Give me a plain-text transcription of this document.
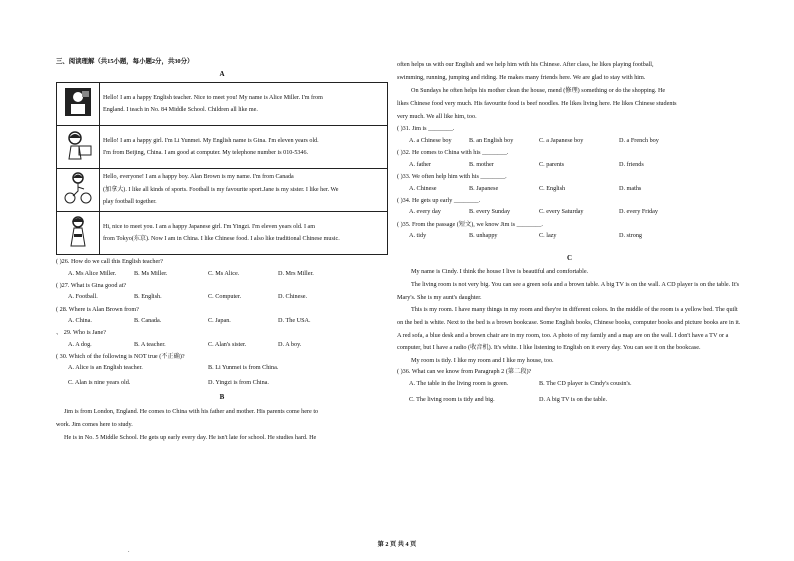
三、阅读理解（共15小题，每小题2分，共30分）
A

Hello! I am a happy English teacher. Nice to meet you! My name is Alice Miller. I'm from
England. I teach in No. 84 Middle School. Children all like me.

Hello! I am a happy girl. I'm Li Yunmei. My English name is Gina. I'm eleven years old.
I'm from Beijing, China. I am good at computer. My telephone number is 010-5346.

Hello, everyone! I am a happy boy. Alan Brown is my name. I'm from Canada
(加拿大). I like all kinds of sports. Football is my favourite sport.Jane is my sister. I like her. We
play football together.

Hi, nice to meet you. I am a happy Japanese girl. I'm Yingzi. I'm eleven years old. I am
from Tokyo(东京). Now I am in China. I like Chinese food. I also like traditional Chinese music.
( )26. How do we call this English teacher?
A. Ms Alice Miller.	B. Ms Miller.	C. Ms Alice.	D. Mrs Miller.
( )27. What is Gina good at?
A. Football.	B. English.	C. Computer.	D. Chinese.
( 28. Where is Alan Brown from?
A. China.	B. Canada.	C. Japan.	D. The USA.
、 29. Who is Jane?
A. A dog.	B. A teacher.	C. Alan's sister.	D. A boy.
( 30. Which of the following is NOT true (不正确)?
A. Alice is an English teacher.	B. Li Yunmei is from China.
C. Alan is nine years old.	D. Yingzi is from China.
B
Jim is from London, England. He comes to China with his father and mother. His parents come here to
work. Jim comes here to study.
He is in No. 5 Middle School. He gets up early every day. He isn't late for school. He studies hard. He
often helps us with our English and we help him with his Chinese. After class, he likes playing football,
swimming, running, jumping and riding. He makes many friends here. We are glad to stay with him.
On Sundays he often helps his mother clean the house, mend (修理) something or do the shopping. He
likes Chinese food very much. His favourite food is beef noodles. He likes living here. He likes Chinese students
very much. We all like him, too.
( )31. Jim is ________.
A. a Chinese boy	B. an English boy	C. a Japanese boy	D. a French boy
( )32. He comes to China with his ________.
A. father	B. mother	C. parents	D. friends
( )33. We often help him with his ________.
A. Chinese	B. Japanese	C. English	D. maths
( )34. He gets up early ________.
A. every day	B. every Sunday	C. every Saturday	D. every Friday
( )35. From the passage (短文), we know Jim is ________.
A. tidy	B. unhappy	C. lazy	D. strong
C

My name is Cindy. I think the house I live is beautiful and comfortable.

The living room is not very big. You can see a green sofa and a brown table. A big TV is on the wall. A CD player is on the table. It's Mary's. She is my aunt's daughter.

This is my room. I have many things in my room and they're in different colors. In the middle of the room is a yellow bed. The quilt on the bed is white. Next to the bed is a brown bookcase. Some English books, Chinese books, computer books and picture books are in it. A red sofa, a blue desk and a brown chair are in my room, too. A photo of my family and a map are on the wall. I don't have a TV or a computer, but I have a radio (收音机). It's white. I like listening to English on it every day. You can see it on the bookcase.

My room is tidy. I like my room and I like my house, too.

( )36. What can we know from Paragraph 2 (第二段)?
A. The table in the living room is green.	B. The CD player is Cindy's cousin's.
C. The living room is tidy and big.	D. A big TV is on the table.
第 2 页 共 4 页
.
